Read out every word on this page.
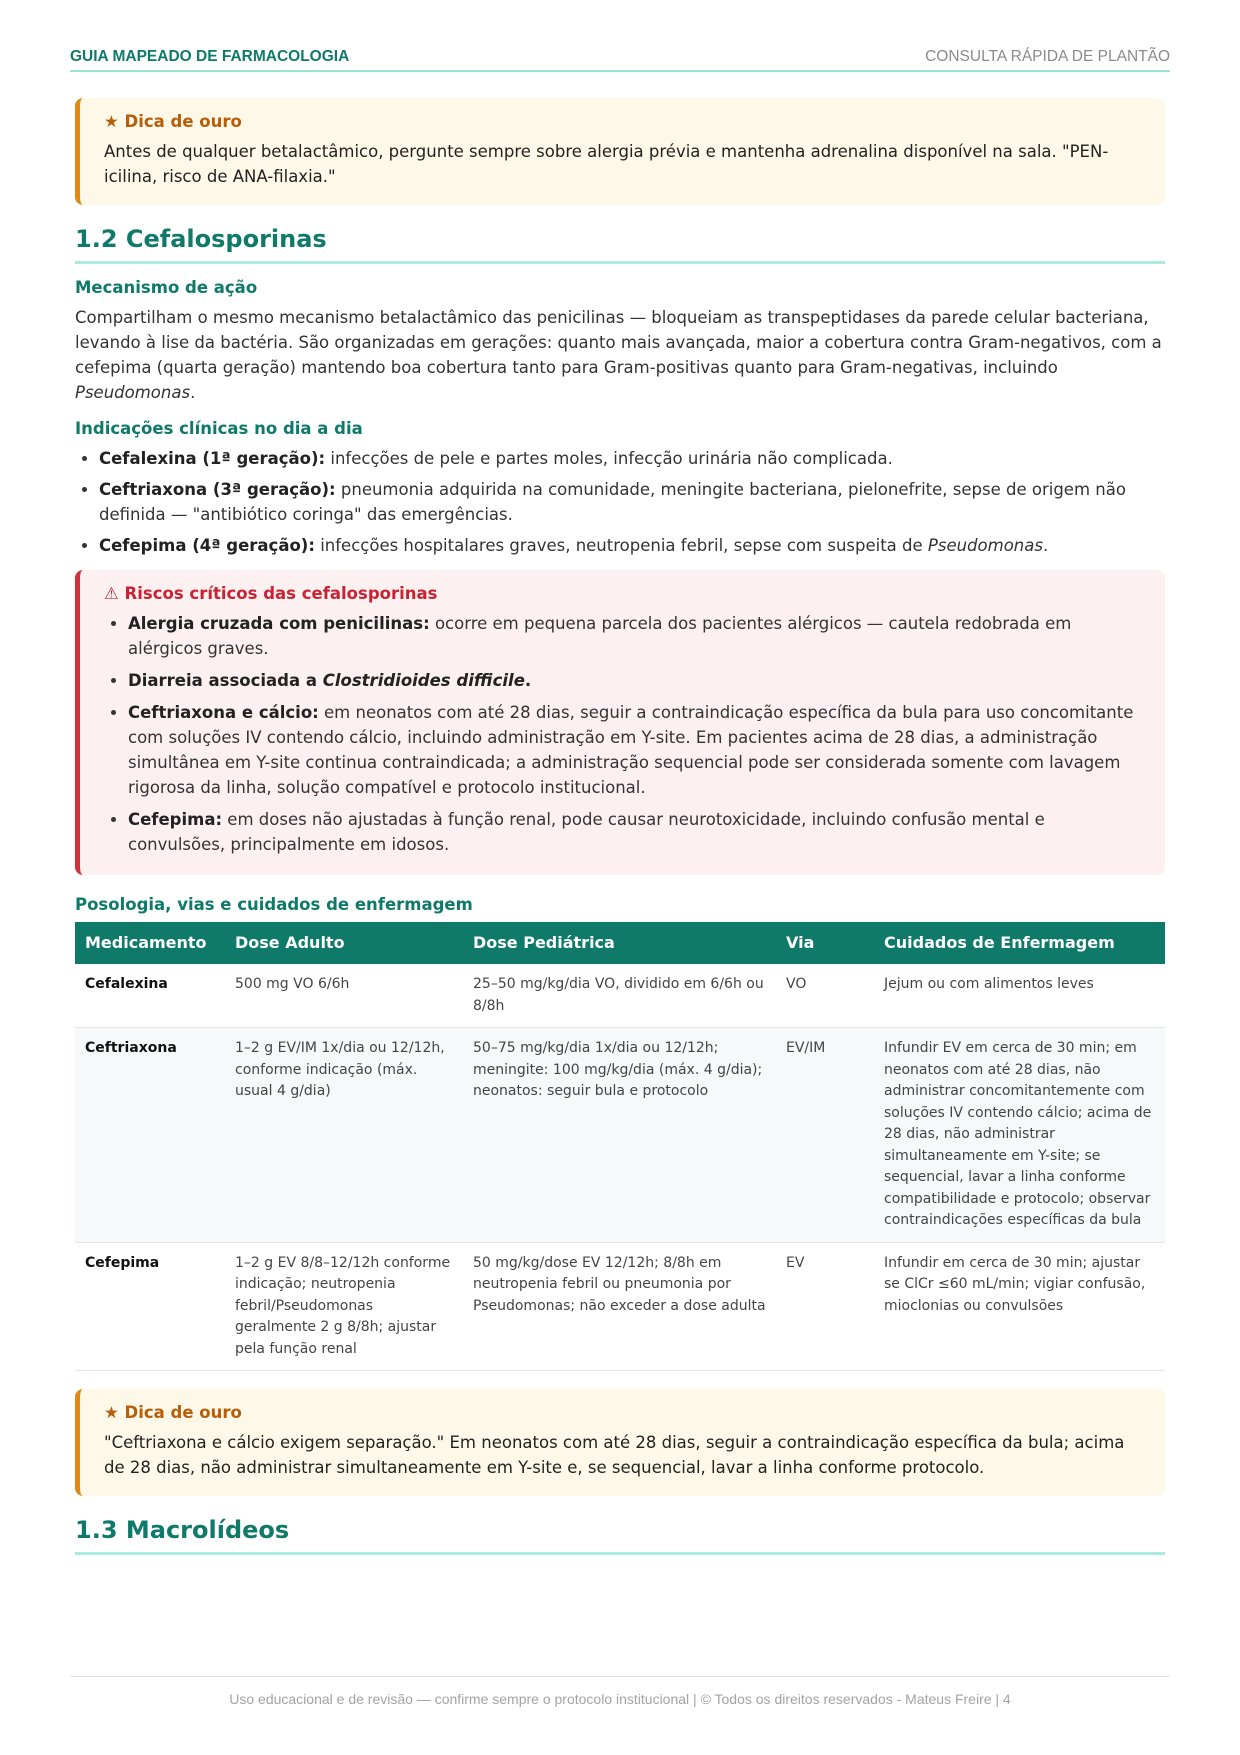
GUIA MAPEADO DE FARMACOLOGIA	CONSULTA RÁPIDA DE PLANTÃO
★ Dica de ouro

Antes de qualquer betalactâmico, pergunte sempre sobre alergia prévia e mantenha adrenalina disponível na sala. "PEN-icilina, risco de ANA-filaxia."

1.2 Cefalosporinas
Mecanismo de ação

Compartilham o mesmo mecanismo betalactâmico das penicilinas — bloqueiam as transpeptidases da parede celular bacteriana, levando à lise da bactéria. São organizadas em gerações: quanto mais avançada, maior a cobertura contra Gram-negativos, com a cefepima (quarta geração) mantendo boa cobertura tanto para Gram-positivas quanto para Gram-negativas, incluindo Pseudomonas.

Indicações clínicas no dia a dia
• Cefalexina (1ª geração): infecções de pele e partes moles, infecção urinária não complicada.
• Ceftriaxona (3ª geração): pneumonia adquirida na comunidade, meningite bacteriana, pielonefrite, sepse de origem não definida — "antibiótico coringa" das emergências.
• Cefepima (4ª geração): infecções hospitalares graves, neutropenia febril, sepse com suspeita de Pseudomonas.
⚠ Riscos críticos das cefalosporinas
• Alergia cruzada com penicilinas: ocorre em pequena parcela dos pacientes alérgicos — cautela redobrada em alérgicos graves.
• Diarreia associada a Clostridioides difficile.
• Ceftriaxona e cálcio: em neonatos com até 28 dias, seguir a contraindicação específica da bula para uso concomitante com soluções IV contendo cálcio, incluindo administração em Y-site. Em pacientes acima de 28 dias, a administração simultânea em Y-site continua contraindicada; a administração sequencial pode ser considerada somente com lavagem rigorosa da linha, solução compatível e protocolo institucional.
• Cefepima: em doses não ajustadas à função renal, pode causar neurotoxicidade, incluindo confusão mental e convulsões, principalmente em idosos.
Posologia, vias e cuidados de enfermagem
Medicamento	Dose Adulto	Dose Pediátrica	Via	Cuidados de Enfermagem
Cefalexina	500 mg VO 6/6h	25–50 mg/kg/dia VO, dividido em 6/6h ou 8/8h	VO	Jejum ou com alimentos leves
Ceftriaxona	1–2 g EV/IM 1x/dia ou 12/12h, conforme indicação (máx. usual 4 g/dia)	50–75 mg/kg/dia 1x/dia ou 12/12h; meningite: 100 mg/kg/dia (máx. 4 g/dia); neonatos: seguir bula e protocolo	EV/IM	Infundir EV em cerca de 30 min; em neonatos com até 28 dias, não administrar concomitantemente com soluções IV contendo cálcio; acima de 28 dias, não administrar simultaneamente em Y-site; se sequencial, lavar a linha conforme compatibilidade e protocolo; observar contraindicações específicas da bula
Cefepima	1–2 g EV 8/8–12/12h conforme indicação; neutropenia febril/Pseudomonas geralmente 2 g 8/8h; ajustar pela função renal	50 mg/kg/dose EV 12/12h; 8/8h em neutropenia febril ou pneumonia por Pseudomonas; não exceder a dose adulta	EV	Infundir em cerca de 30 min; ajustar se ClCr ≤60 mL/min; vigiar confusão, mioclonias ou convulsões
★ Dica de ouro

"Ceftriaxona e cálcio exigem separação." Em neonatos com até 28 dias, seguir a contraindicação específica da bula; acima de 28 dias, não administrar simultaneamente em Y-site e, se sequencial, lavar a linha conforme protocolo.

1.3 Macrolídeos
Uso educacional e de revisão — confirme sempre o protocolo institucional | © Todos os direitos reservados - Mateus Freire | 4
